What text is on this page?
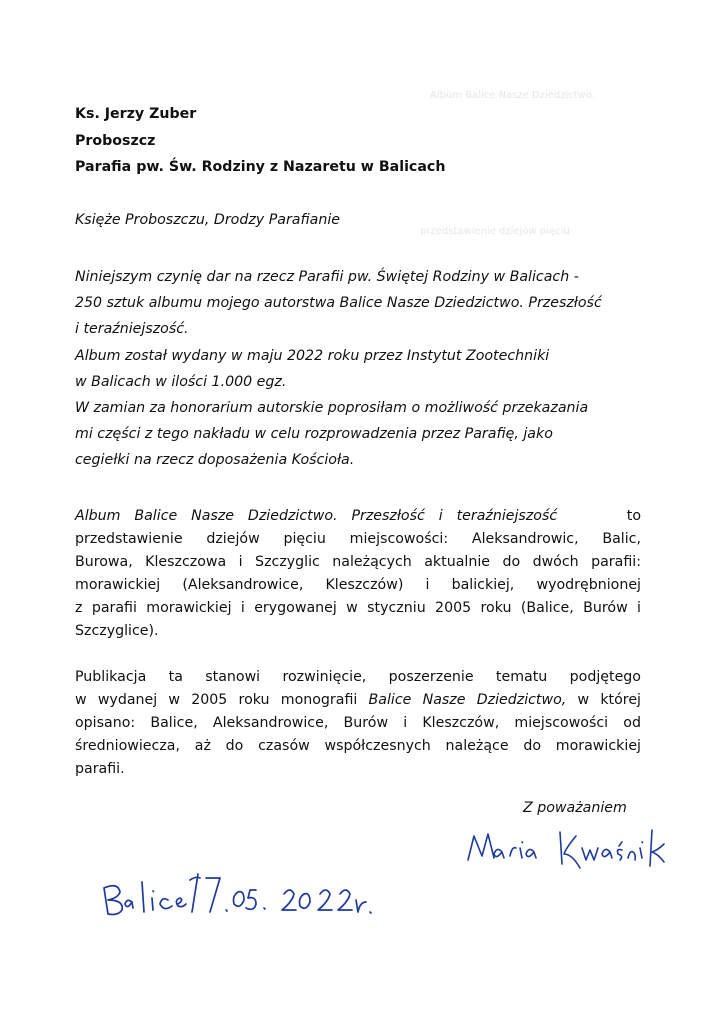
Album Balice Nasze Dziedzictwo.
przedstawienie dziejów pięciu
Ks. Jerzy Zuber
Proboszcz
Parafia pw. Św. Rodziny z Nazaretu w Balicach
Księże Proboszczu, Drodzy Parafianie
Niniejszym czynię dar na rzecz Parafii pw. Świętej Rodziny w Balicach -
250 sztuk albumu mojego autorstwa Balice Nasze Dziedzictwo. Przeszłość
i teraźniejszość.
Album został wydany w maju 2022 roku przez Instytut Zootechniki
w Balicach w ilości 1.000 egz.
W zamian za honorarium autorskie poprosiłam o możliwość przekazania
mi części z tego nakładu w celu rozprowadzenia przez Parafię, jako
cegiełki na rzecz doposażenia Kościoła.
Album Balice Nasze Dziedzictwo. Przeszłość i teraźniejszość	to
przedstawienie dziejów pięciu miejscowości: Aleksandrowic, Balic,
Burowa, Kleszczowa i Szczyglic należących aktualnie do dwóch parafii:
morawickiej (Aleksandrowice, Kleszczów) i balickiej, wyodrębnionej
z parafii morawickiej i erygowanej w styczniu 2005 roku (Balice, Burów i
Szczyglice).
Publikacja ta stanowi rozwinięcie, poszerzenie tematu podjętego
w wydanej w 2005 roku monografii Balice Nasze Dziedzictwo, w której
opisano: Balice, Aleksandrowice, Burów i Kleszczów, miejscowości od
średniowiecza, aż do czasów współczesnych należące do morawickiej
parafii.
Z poważaniem
